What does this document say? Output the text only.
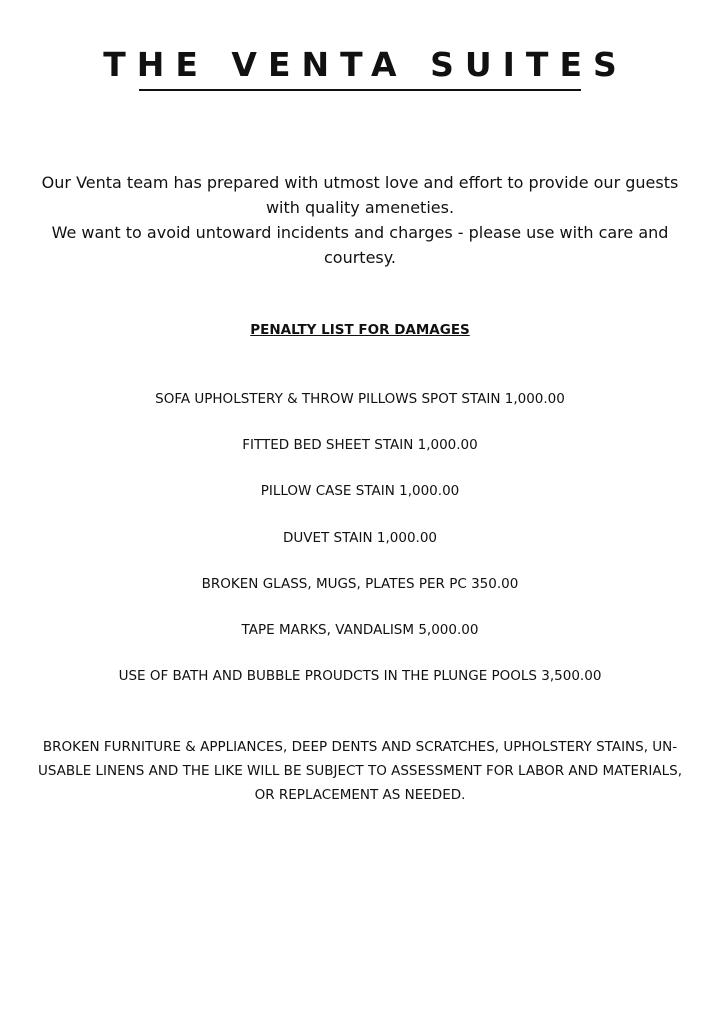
THE VENTA SUITES

Our Venta team has prepared with utmost love and effort to provide our guests with quality ameneties.

We want to avoid untoward incidents and charges - please use with care and courtesy.

PENALTY LIST FOR DAMAGES
SOFA UPHOLSTERY & THROW PILLOWS SPOT STAIN 1,000.00
FITTED BED SHEET STAIN 1,000.00
PILLOW CASE STAIN 1,000.00
DUVET STAIN 1,000.00
BROKEN GLASS, MUGS, PLATES PER PC 350.00
TAPE MARKS, VANDALISM 5,000.00
USE OF BATH AND BUBBLE PROUDCTS IN THE PLUNGE POOLS 3,500.00

BROKEN FURNITURE & APPLIANCES, DEEP DENTS AND SCRATCHES, UPHOLSTERY STAINS, UN-USABLE LINENS AND THE LIKE WILL BE SUBJECT TO ASSESSMENT FOR LABOR AND MATERIALS, OR REPLACEMENT AS NEEDED.
